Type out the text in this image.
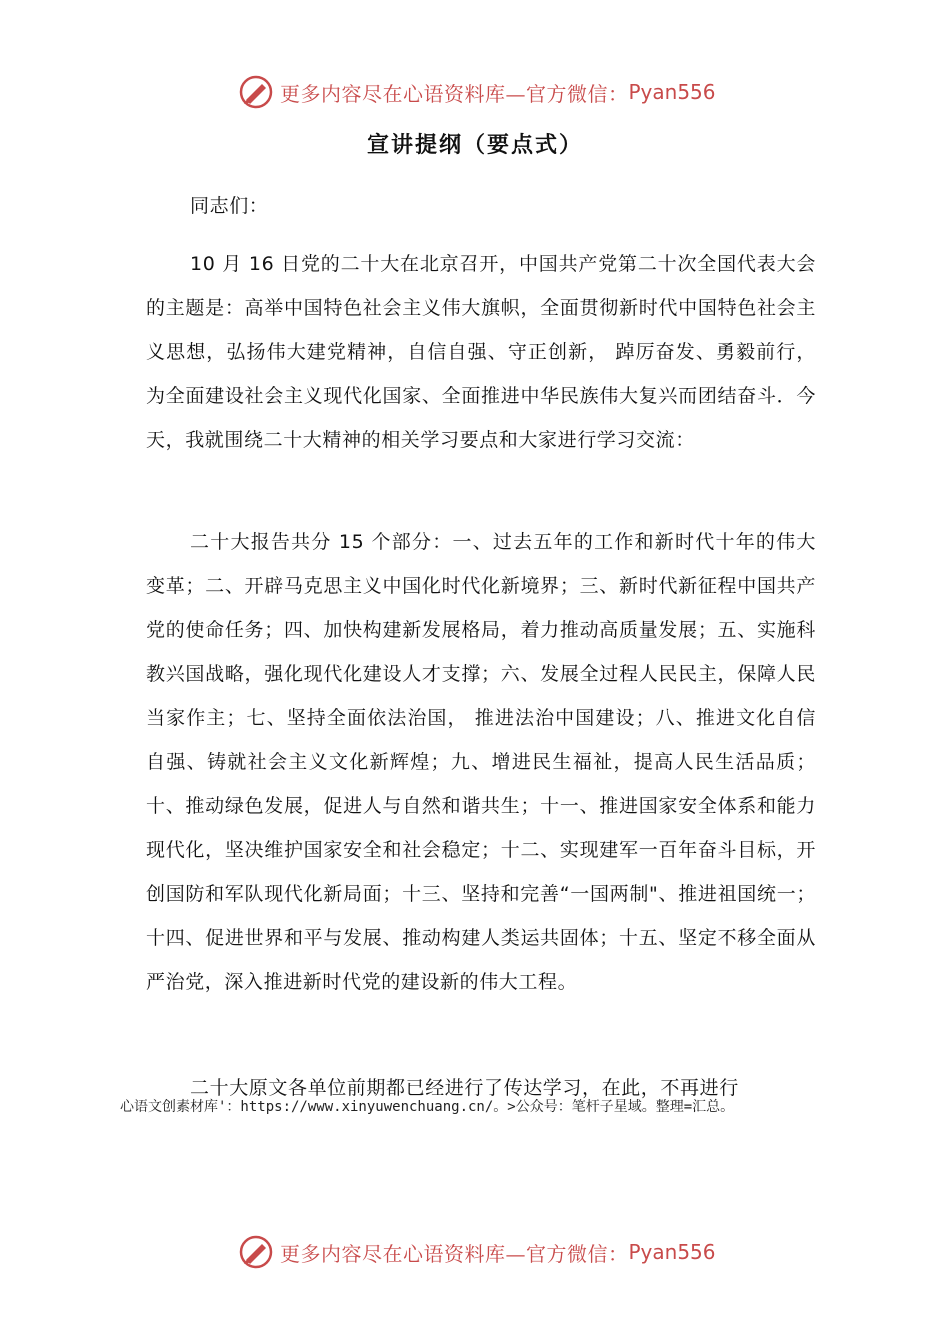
更多内容尽在心语资料库—官方微信： Pyan556
宣讲提纲（要点式）

同志们：

10 月 16 日党的二十大在北京召开，中国共产党第二十次全国代表大会的主题是：高举中国特色社会主义伟大旗帜，全面贯彻新时代中国特色社会主义思想，弘扬伟大建党精神，自信自强、守正创新， 踔厉奋发、勇毅前行，为全面建设社会主义现代化国家、全面推进中华民族伟大复兴而团结奋斗．今天，我就围绕二十大精神的相关学习要点和大家进行学习交流：

二十大报告共分 15 个部分：一、过去五年的工作和新时代十年的伟大变革；二、开辟马克思主义中国化时代化新境界；三、新时代新征程中国共产党的使命任务；四、加快构建新发展格局，着力推动高质量发展；五、实施科教兴国战略，强化现代化建设人才支撑；六、发展全过程人民民主，保障人民当家作主；七、坚持全面依法治国， 推进法治中国建设；八、推进文化自信自强、铸就社会主义文化新辉煌；九、增进民生福祉，提高人民生活品质；十、推动绿色发展，促进人与自然和谐共生；十一、推进国家安全体系和能力现代化，坚决维护国家安全和社会稳定；十二、实现建军一百年奋斗目标，开创国防和军队现代化新局面；十三、坚持和完善“一国两制"、推进祖国统一；十四、促进世界和平与发展、推动构建人类运共固体；十五、坚定不移全面从严治党，深入推进新时代党的建设新的伟大工程。

二十大原文各单位前期都已经进行了传达学习，在此，不再进行

心语文创素材库'：https://www.xinyuwenchuang.cn/。>公众号：笔杆子星域。整理=汇总。
更多内容尽在心语资料库—官方微信： Pyan556
